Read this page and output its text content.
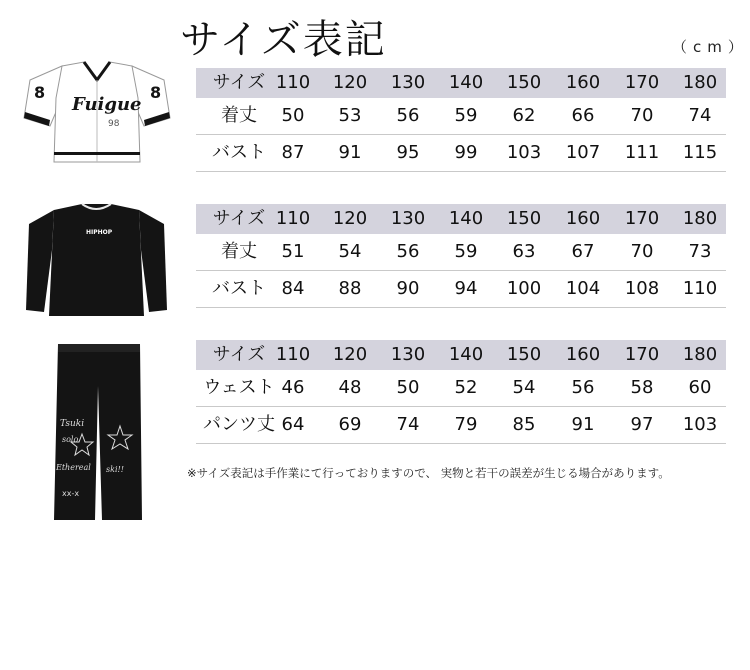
サイズ表記	（cm）
8	8
Fuigue
98
HIPHOP
Tsuki
solo
Ethereal ski!!
xx-x
サイズ 110	120	130	140	150	160	170	180
着丈	50	53	56	59	62	66	70	74
バスト 87	91	95	99	103	107	111	115
サイズ 110	120	130	140	150	160	170	180
着丈	51	54	56	59	63	67	70	73
バスト 84	88	90	94	100	104	108	110
サイズ 110	120	130	140	150	160	170	180
ウェスト 46	48	50	52	54	56	58	60
パンツ丈 64	69	74	79	85	91	97	103
※サイズ表記は手作業にて行っておりますので、 実物と若干の誤差が生じる場合があります。
